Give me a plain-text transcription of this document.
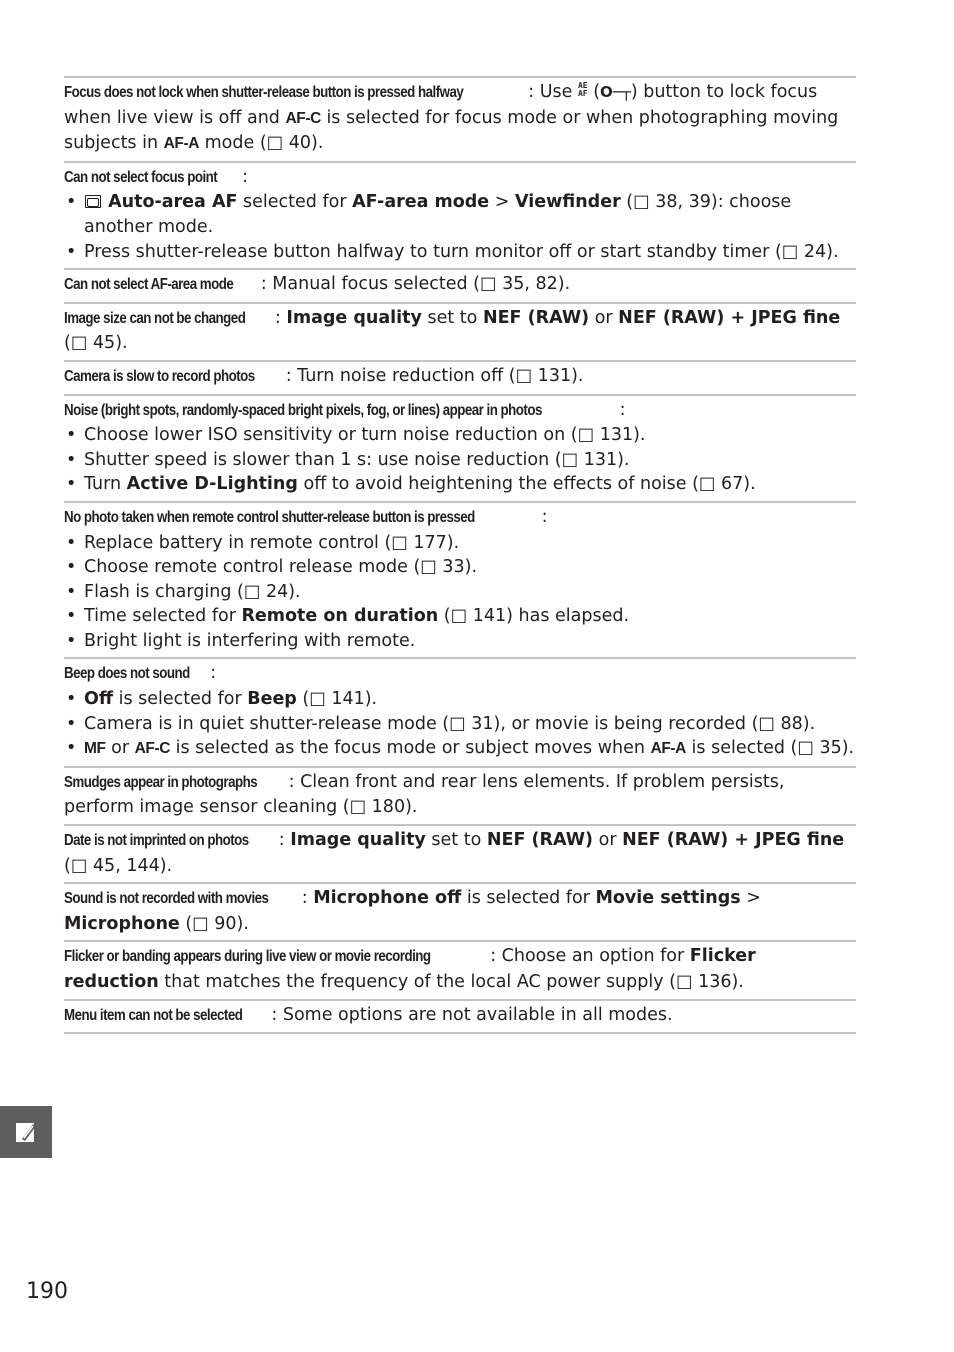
Focus does not lock when shutter-release button is pressed halfway	: Use AE
AF (O─┬) button to lock focus when live view is off and AF-C is selected for focus mode or when photographing moving subjects in AF-A mode (□ 40).
Can not select focus point :
• Auto-area AF selected for AF-area mode > Viewfinder (□ 38, 39): choose another mode.
• Press shutter-release button halfway to turn monitor off or start standby timer (□ 24).
Can not select AF-area mode : Manual focus selected (□ 35, 82).
Image size can not be changed : Image quality set to NEF (RAW) or NEF (RAW) + JPEG fine (□ 45).
Camera is slow to record photos : Turn noise reduction off (□ 131).
Noise (bright spots, randomly-spaced bright pixels, fog, or lines) appear in photos	:
• Choose lower ISO sensitivity or turn noise reduction on (□ 131).
• Shutter speed is slower than 1 s: use noise reduction (□ 131).
• Turn Active D-Lighting off to avoid heightening the effects of noise (□ 67).
No photo taken when remote control shutter-release button is pressed	:
• Replace battery in remote control (□ 177).
• Choose remote control release mode (□ 33).
• Flash is charging (□ 24).
• Time selected for Remote on duration (□ 141) has elapsed.
• Bright light is interfering with remote.
Beep does not sound :
• Off is selected for Beep (□ 141).
• Camera is in quiet shutter-release mode (□ 31), or movie is being recorded (□ 88).
• MF or AF-C is selected as the focus mode or subject moves when AF-A is selected (□ 35).
Smudges appear in photographs : Clean front and rear lens elements. If problem persists, perform image sensor cleaning (□ 180).
Date is not imprinted on photos : Image quality set to NEF (RAW) or NEF (RAW) + JPEG fine (□ 45, 144).
Sound is not recorded with movies : Microphone off is selected for Movie settings > Microphone (□ 90).
Flicker or banding appears during live view or movie recording	: Choose an option for Flicker reduction that matches the frequency of the local AC power supply (□ 136).
Menu item can not be selected : Some options are not available in all modes.
190
